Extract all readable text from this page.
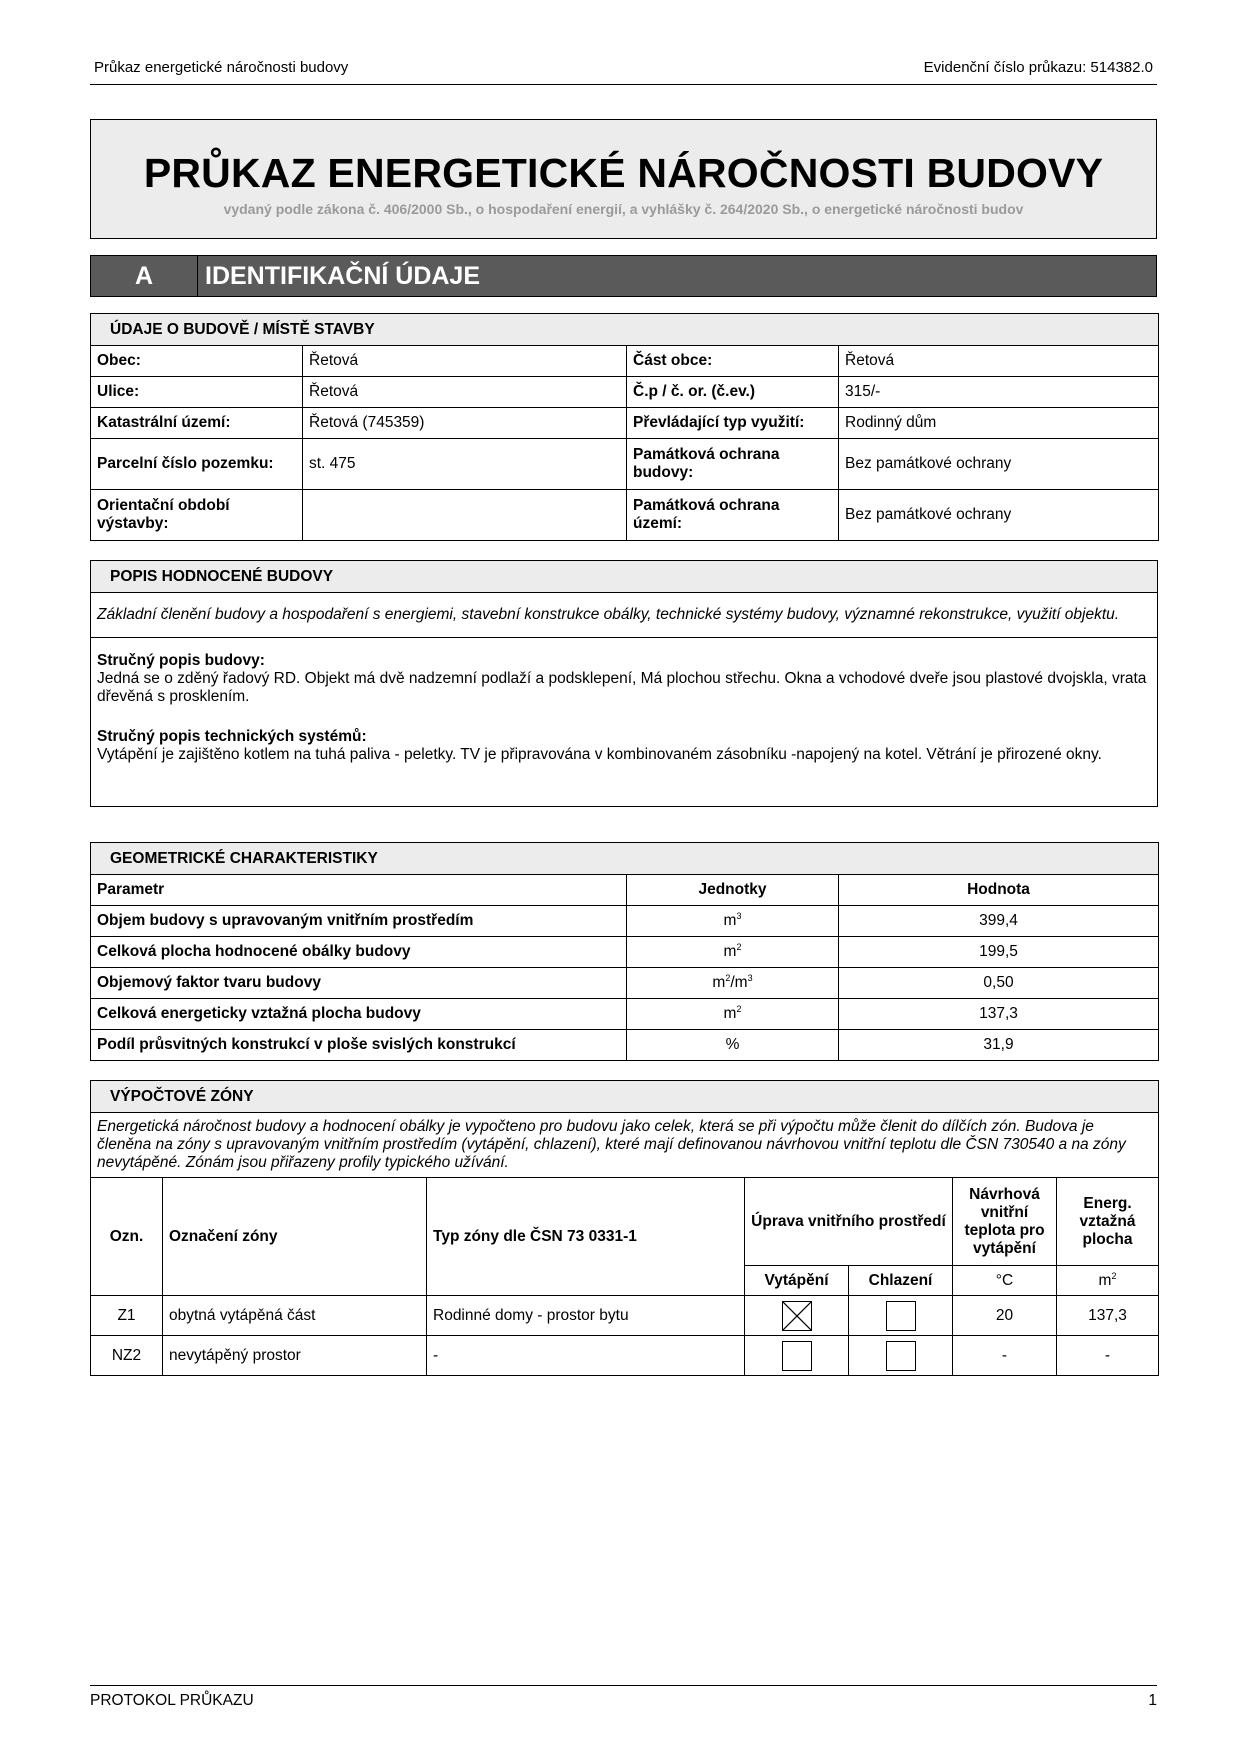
Průkaz energetické náročnosti budovy	Evidenční číslo průkazu: 514382.0
PRŮKAZ ENERGETICKÉ NÁROČNOSTI BUDOVY
vydaný podle zákona č. 406/2000 Sb., o hospodaření energií, a vyhlášky č. 264/2020 Sb., o energetické náročnosti budov
A	IDENTIFIKAČNÍ ÚDAJE
ÚDAJE O BUDOVĚ / MÍSTĚ STAVBY			
Obec:	Řetová	Část obce:	Řetová
Ulice:	Řetová	Č.p / č. or. (č.ev.)	315/-
Katastrální území:	Řetová (745359)	Převládající typ využití:	Rodinný dům
Parcelní číslo pozemku:	st. 475	Památková ochrana budovy:	Bez památkové ochrany
Orientační období výstavby:		Památková ochrana území:	Bez památkové ochrany
POPIS HODNOCENÉ BUDOVY
Základní členění budovy a hospodaření s energiemi, stavební konstrukce obálky, technické systémy budovy, významné rekonstrukce, využití objektu.

Stručný popis budovy:
Jedná se o zděný řadový RD. Objekt má dvě nadzemní podlaží a podsklepení, Má plochou střechu. Okna a vchodové dveře jsou plastové dvojskla, vrata dřevěná s prosklením.
Stručný popis technických systémů:
Vytápění je zajištěno kotlem na tuhá paliva - peletky. TV je připravována v kombinovaném zásobníku -napojený na kotel. Větrání je přirozené okny.
GEOMETRICKÉ CHARAKTERISTIKY		
Parametr	Jednotky	Hodnota
Objem budovy s upravovaným vnitřním prostředím	$m^3$	399,4
Celková plocha hodnocené obálky budovy	$m^2$	199,5
Objemový faktor tvaru budovy	$m^2/m^3$	0,50
Celková energeticky vztažná plocha budovy	$m^2$	137,3
Podíl průsvitných konstrukcí v ploše svislých konstrukcí	%	31,9
VÝPOČTOVÉ ZÓNY						
Energetická náročnost budovy a hodnocení obálky je vypočteno pro budovu jako celek, která se při výpočtu může členit do dílčích zón. Budova je členěna na zóny s upravovaným vnitřním prostředím (vytápění, chlazení), které mají definovanou návrhovou vnitřní teplotu dle ČSN 730540 a na zóny nevytápěné. Zónám jsou přiřazeny profily typického užívání.						
Ozn.	Označení zóny	Typ zóny dle ČSN 73 0331-1	Úprava vnitřního prostředí		Návrhová vnitřní teplota pro vytápění	Energ. vztažná plocha
			Vytápění	Chlazení	°C	$m^2$
Z1	obytná vytápěná část	Rodinné domy - prostor bytu			20	137,3
NZ2	nevytápěný prostor	-			-	-
PROTOKOL PRŮKAZU	1
